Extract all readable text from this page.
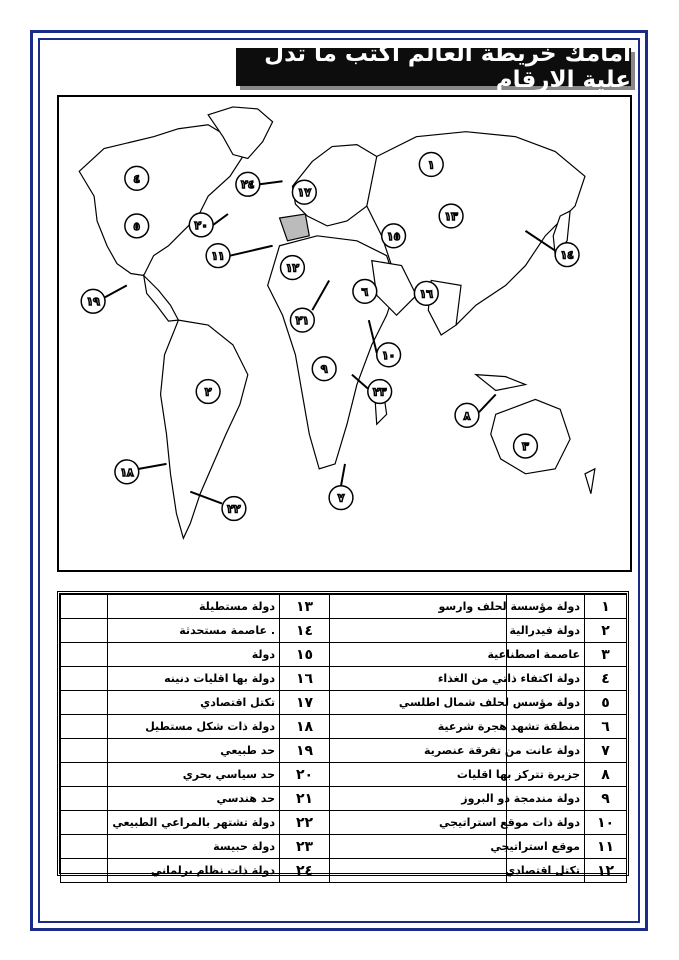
امامك خريطة العالم اكتب ما تدل علية الارقام
١
٢
٣
٤
٥
٦
٧
٨
٩
١٠
١١
١٢
١٣
١٤
١٥
١٦
١٧
١٨
١٩
٢٠
٢١
٢٢
٢٣
٢٤
	دولة مستطيلة	١٣		دولة مؤسسة لحلف وارسو	١
	. عاصمة مستحدثة	١٤		دولة فيدرالية	٢
	دولة	١٥		عاصمة اصطناعية	٣
	دولة بها اقليات دنينه	١٦		دولة اكتفاء ذاتي من الغذاء	٤
	تكتل اقتصادي	١٧		دولة مؤسس لحلف شمال اطلسي	٥
	دولة ذات شكل مستطيل	١٨		منطقة تشهد هجرة شرعية	٦
	حد طبيعي	١٩		دولة عانت من تفرقة عنصرية	٧
	حد سياسي بحري	٢٠		جزيرة تتركز بها اقليات	٨
	حد هندسي	٢١		دولة مندمجة ذو البروز	٩
	دولة تشتهر بالمراعي الطبيعي	٢٢		دولة ذات موقع استراتيجي	١٠
	دولة حبيسة	٢٣		موقع استراتيجي	١١
	دولة ذات نظام برلماني	٢٤		تكتل اقتصادي	١٢
